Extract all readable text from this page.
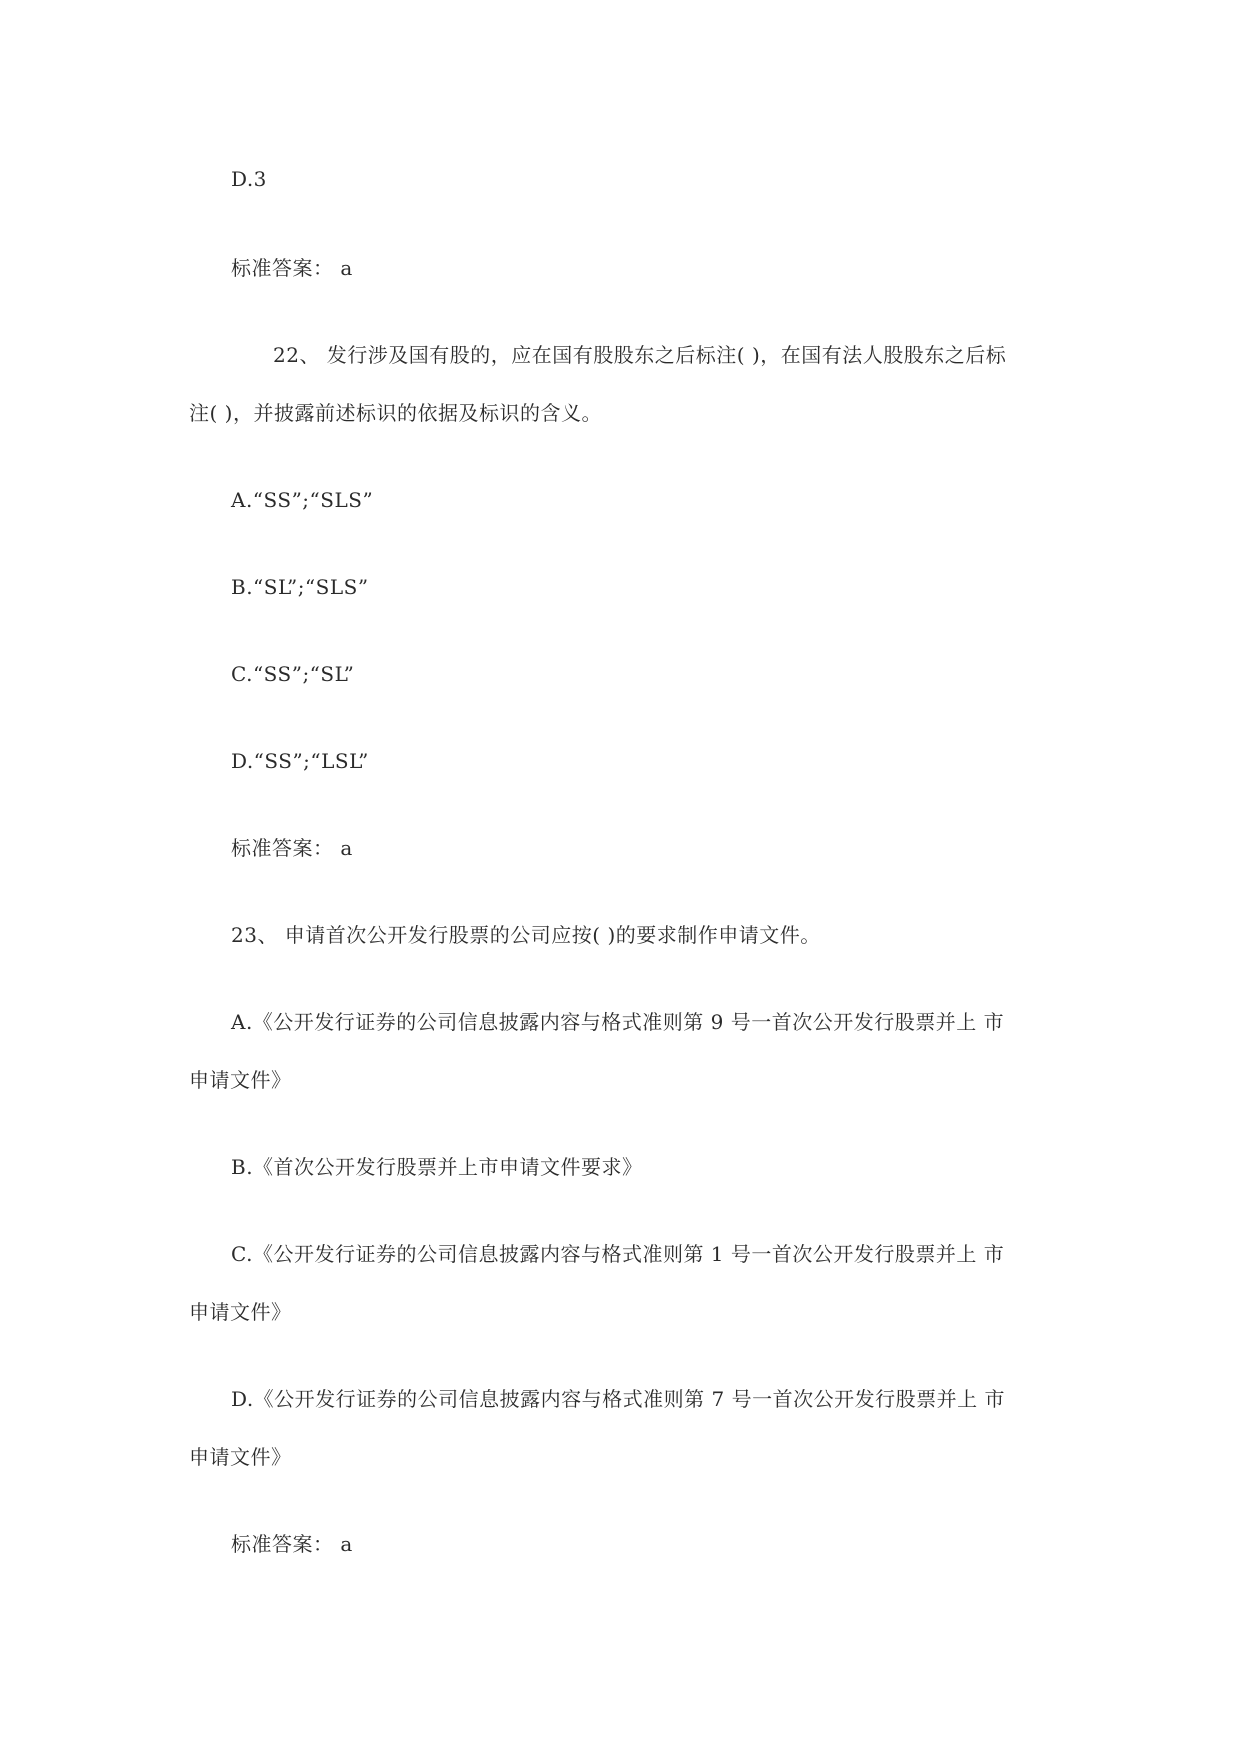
D.3
标准答案： a
22、 发行涉及国有股的，应在国有股股东之后标注( )，在国有法人股股东之后标
注( )，并披露前述标识的依据及标识的含义。
A.“SS”;“SLS”
B.“SL”;“SLS”
C.“SS”;“SL”
D.“SS”;“LSL”
标准答案： a
23、 申请首次公开发行股票的公司应按( )的要求制作申请文件。
A.《公开发行证券的公司信息披露内容与格式准则第 9 号一首次公开发行股票并上 市
申请文件》
B.《首次公开发行股票并上市申请文件要求》
C.《公开发行证券的公司信息披露内容与格式准则第 1 号一首次公开发行股票并上 市
申请文件》
D.《公开发行证券的公司信息披露内容与格式准则第 7 号一首次公开发行股票并上 市
申请文件》
标准答案： a
